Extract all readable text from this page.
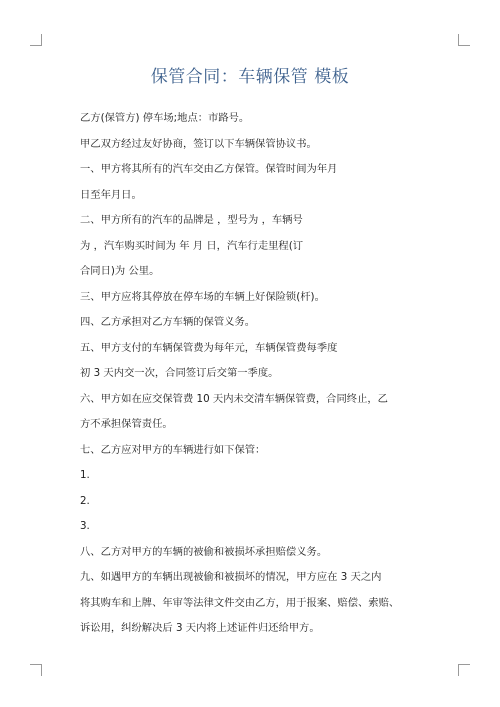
保管合同：车辆保管 模板
乙方(保管方) 停车场;地点：市路号。
甲乙双方经过友好协商，签订以下车辆保管协议书。
一、甲方将其所有的汽车交由乙方保管。保管时间为年月
日至年月日。
二、甲方所有的汽车的品牌是 ，型号为 ，车辆号
为 ，汽车购买时间为 年 月 日，汽车行走里程(订
合同日)为 公里。
三、甲方应将其停放在停车场的车辆上好保险锁(杆)。
四、乙方承担对乙方车辆的保管义务。
五、甲方支付的车辆保管费为每年元，车辆保管费每季度
初 3 天内交一次，合同签订后交第一季度。
六、甲方如在应交保管费 10 天内未交清车辆保管费，合同终止，乙
方不承担保管责任。
七、乙方应对甲方的车辆进行如下保管：
1.
2.
3.
八、乙方对甲方的车辆的被偷和被损坏承担赔偿义务。
九、如遇甲方的车辆出现被偷和被损坏的情况，甲方应在 3 天之内
将其购车和上牌、年审等法律文件交由乙方，用于报案、赔偿、索赔、
诉讼用，纠纷解决后 3 天内将上述证件归还给甲方。
